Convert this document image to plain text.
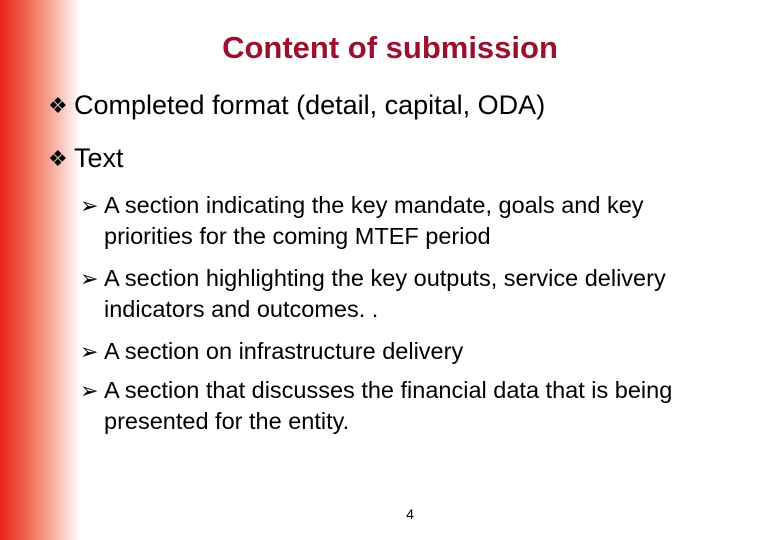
Content of submission
❖ Completed format (detail, capital, ODA)
❖ Text
➢ A section indicating the key mandate, goals and key priorities for the coming MTEF period
➢ A section highlighting the key outputs, service delivery indicators and outcomes. .
➢ A section on infrastructure delivery
➢ A section that discusses the financial data that is being presented for the entity.
4
